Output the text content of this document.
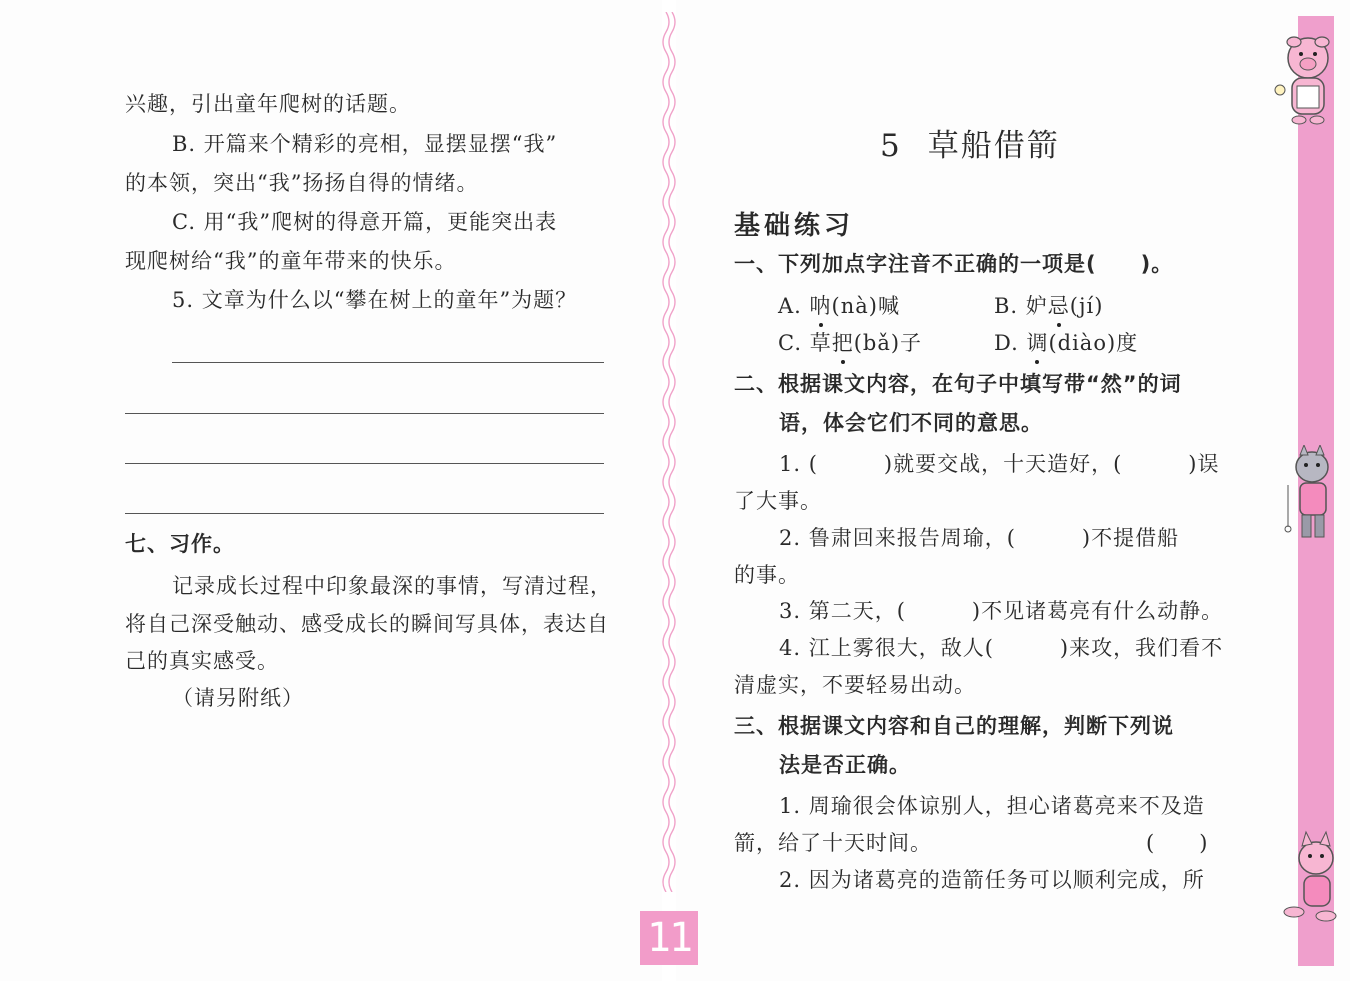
兴趣，引出童年爬树的话题。
B. 开篇来个精彩的亮相，显摆显摆“我”
的本领，突出“我”扬扬自得的情绪。
C. 用“我”爬树的得意开篇，更能突出表
现爬树给“我”的童年带来的快乐。
5. 文章为什么以“攀在树上的童年”为题？
七、习作。
记录成长过程中印象最深的事情，写清过程，
将自己深受触动、感受成长的瞬间写具体，表达自
己的真实感受。
（请另附纸）
5 草船借箭
基础练习
一、下列加点字注音不正确的一项是(　　)。
A. 呐(nà)喊	B. 妒忌(jí)
C. 草把(bǎ)子	D. 调(diào)度
二、根据课文内容，在句子中填写带“然”的词
语，体会它们不同的意思。
1. (　　　)就要交战，十天造好，(　　　)误
了大事。
2. 鲁肃回来报告周瑜，(　　　)不提借船
的事。
3. 第二天，(　　　)不见诸葛亮有什么动静。
4. 江上雾很大，敌人(　　　)来攻，我们看不
清虚实，不要轻易出动。
三、根据课文内容和自己的理解，判断下列说
法是否正确。
1. 周瑜很会体谅别人，担心诸葛亮来不及造
箭，给了十天时间。	(　　)
2. 因为诸葛亮的造箭任务可以顺利完成，所
11
